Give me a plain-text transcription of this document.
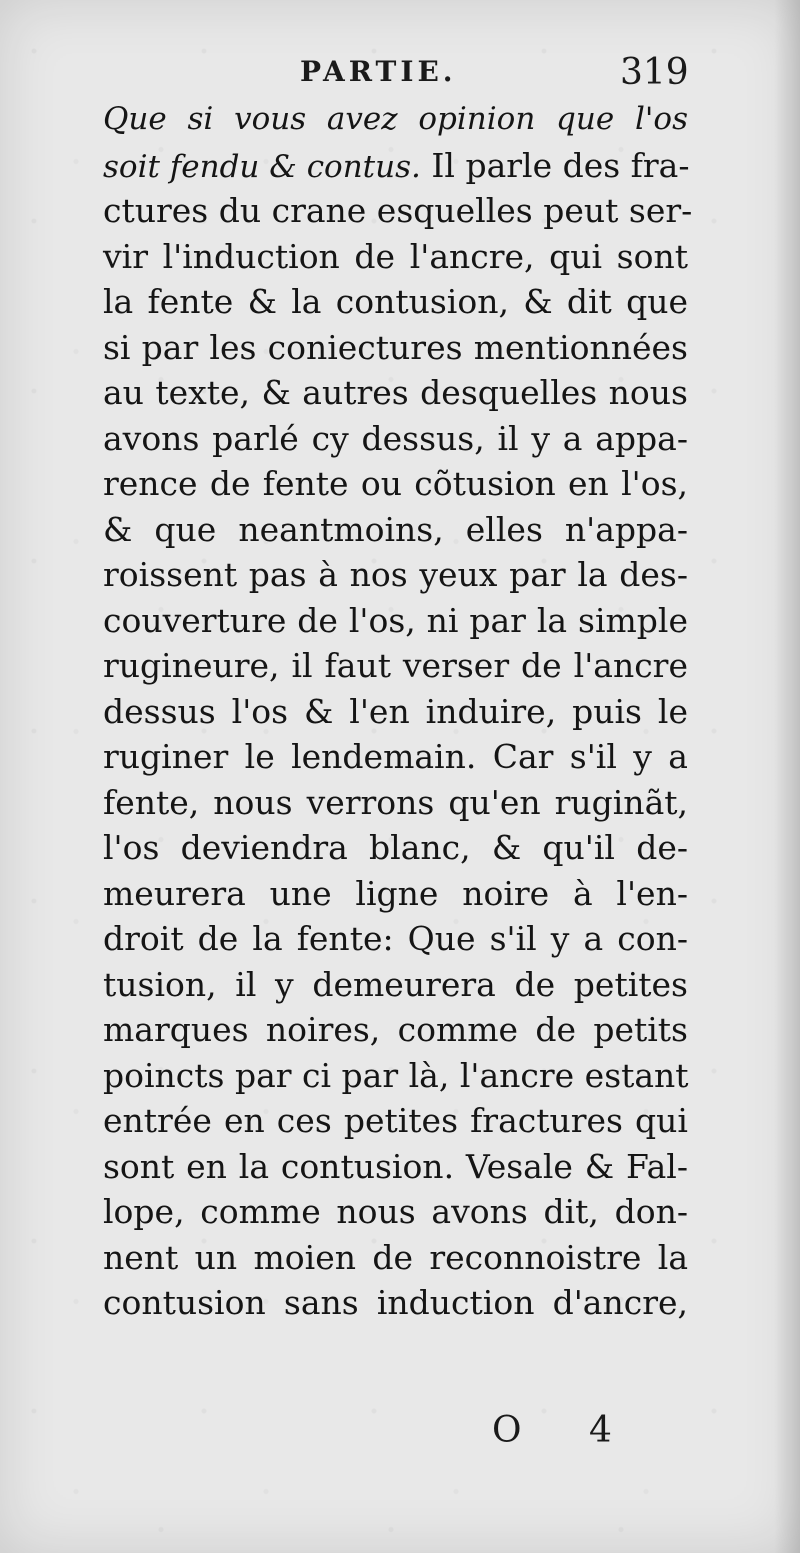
PARTIE.	319
Que si vous avez opinion que l'os
soit fendu & contus. Il parle des fra-
ctures du crane esquelles peut ser-
vir l'induction de l'ancre, qui sont
la fente & la contusion, & dit que
si par les coniectures mentionnées
au texte, & autres desquelles nous
avons parlé cy dessus, il y a appa-
rence de fente ou cõtusion en l'os,
& que neantmoins, elles n'appa-
roissent pas à nos yeux par la des-
couverture de l'os, ni par la simple
rugineure, il faut verser de l'ancre
dessus l'os & l'en induire, puis le
ruginer le lendemain. Car s'il y a
fente, nous verrons qu'en ruginãt,
l'os deviendra blanc, & qu'il de-
meurera une ligne noire à l'en-
droit de la fente: Que s'il y a con-
tusion, il y demeurera de petites
marques noires, comme de petits
poincts par ci par là, l'ancre estant
entrée en ces petites fractures qui
sont en la contusion. Vesale & Fal-
lope, comme nous avons dit, don-
nent un moien de reconnoistre la
contusion sans induction d'ancre,
O 4
